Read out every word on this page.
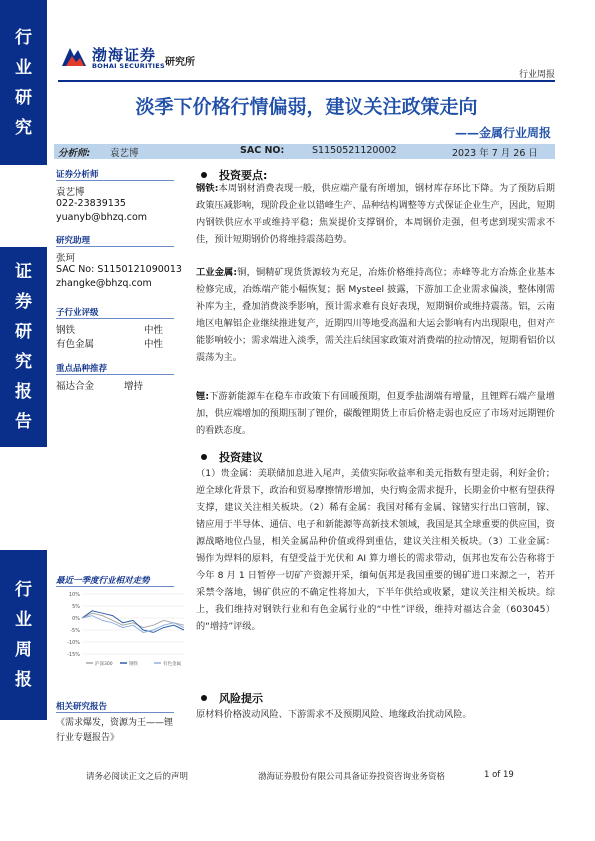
行
业
研
究
证
券
研
究
报
告
行
业
周
报
渤海证券
BOHAI SECURITIES 研究所
行业周报
淡季下价格行情偏弱，建议关注政策走向
——金属行业周报
分析师: 袁艺博	SAC NO:	S1150521120002	2023 年 7 月 26 日
证券分析师
袁艺博
022-23839135
yuanyb@bhzq.com
研究助理
张珂
SAC No: S1150121090013
zhangke@bhzq.com
子行业评级
钢铁	中性
有色金属	中性
重点品种推荐
福达合金	增持
最近一季度行业相对走势
10%
5%
0%
-5%
-10%
-15%
沪深300	钢铁	有色金属
相关研究报告
《需求爆发，资源为王——锂行业专题报告》
投资要点:
钢铁:本周钢材消费表现一般，供应端产量有所增加，钢材库存环比下降。为了预防后期政策压减影响，现阶段企业以错峰生产、品种结构调整等方式保证企业生产，因此，短期内钢铁供应水平或维持平稳；焦炭提价支撑钢价，本周钢价走强，但考虑到现实需求不佳，预计短期钢价仍将维持震荡趋势。
工业金属:铜，铜精矿现货货源较为充足，冶炼价格维持高位；赤峰等北方冶炼企业基本检修完成，冶炼端产能小幅恢复；据 Mysteel 披露，下游加工企业需求偏淡，整体刚需补库为主，叠加消费淡季影响，预计需求难有良好表现，短期铜价或维持震荡。铝，云南地区电解铝企业继续推进复产，近期四川等地受高温和大运会影响有内出现限电，但对产能影响较小；需求端进入淡季，需关注后续国家政策对消费端的拉动情况，短期看铝价以震荡为主。
锂:下游新能源车在稳车市政策下有回暖预期，但夏季盐湖端有增量，且锂辉石端产量增加，供应端增加的预期压制了锂价，碳酸锂期货上市后价格走弱也反应了市场对远期锂价的看跌态度。
投资建议
（1）贵金属：美联储加息进入尾声，美债实际收益率和美元指数有望走弱，利好金价；逆全球化背景下，政治和贸易摩擦情形增加，央行购金需求提升，长期金价中枢有望获得支撑，建议关注相关板块。（2）稀有金属：我国对稀有金属、镓锗实行出口管制，镓、锗应用于半导体、通信、电子和新能源等高新技术领域，我国是其全球重要的供应国，资源战略地位凸显，相关金属品种价值或得到重估，建议关注相关板块。（3）工业金属：锡作为焊料的原料，有望受益于光伏和 AI 算力增长的需求带动，佤邦也发布公告称将于今年 8 月 1 日暂停一切矿产资源开采，缅甸佤邦是我国重要的锡矿进口来源之一，若开采禁令落地，锡矿供应的不确定性将加大，下半年供给或收紧，建议关注相关板块。综上，我们维持对钢铁行业和有色金属行业的“中性”评级，维持对福达合金（603045）的“增持”评级。
风险提示
原材料价格波动风险、下游需求不及预期风险、地缘政治扰动风险。
请务必阅读正文之后的声明	渤海证券股份有限公司具备证券投资咨询业务资格	1 of 19
